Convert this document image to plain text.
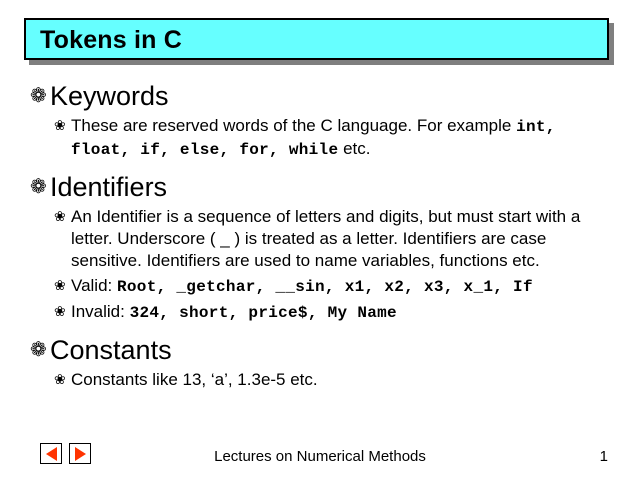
Tokens in C
❁ Keywords
❀ These are reserved words of the C language. For example int, float, if, else, for, while etc.
❁ Identifiers
❀ An Identifier is a sequence of letters and digits, but must start with a letter. Underscore ( _ ) is treated as a letter. Identifiers are case sensitive. Identifiers are used to name variables, functions etc.
❀ Valid: Root, _getchar, __sin, x1, x2, x3, x_1, If
❀ Invalid: 324, short, price$, My Name
❁ Constants
❀ Constants like 13, ‘a’, 1.3e-5 etc.
Lectures on Numerical Methods	1
